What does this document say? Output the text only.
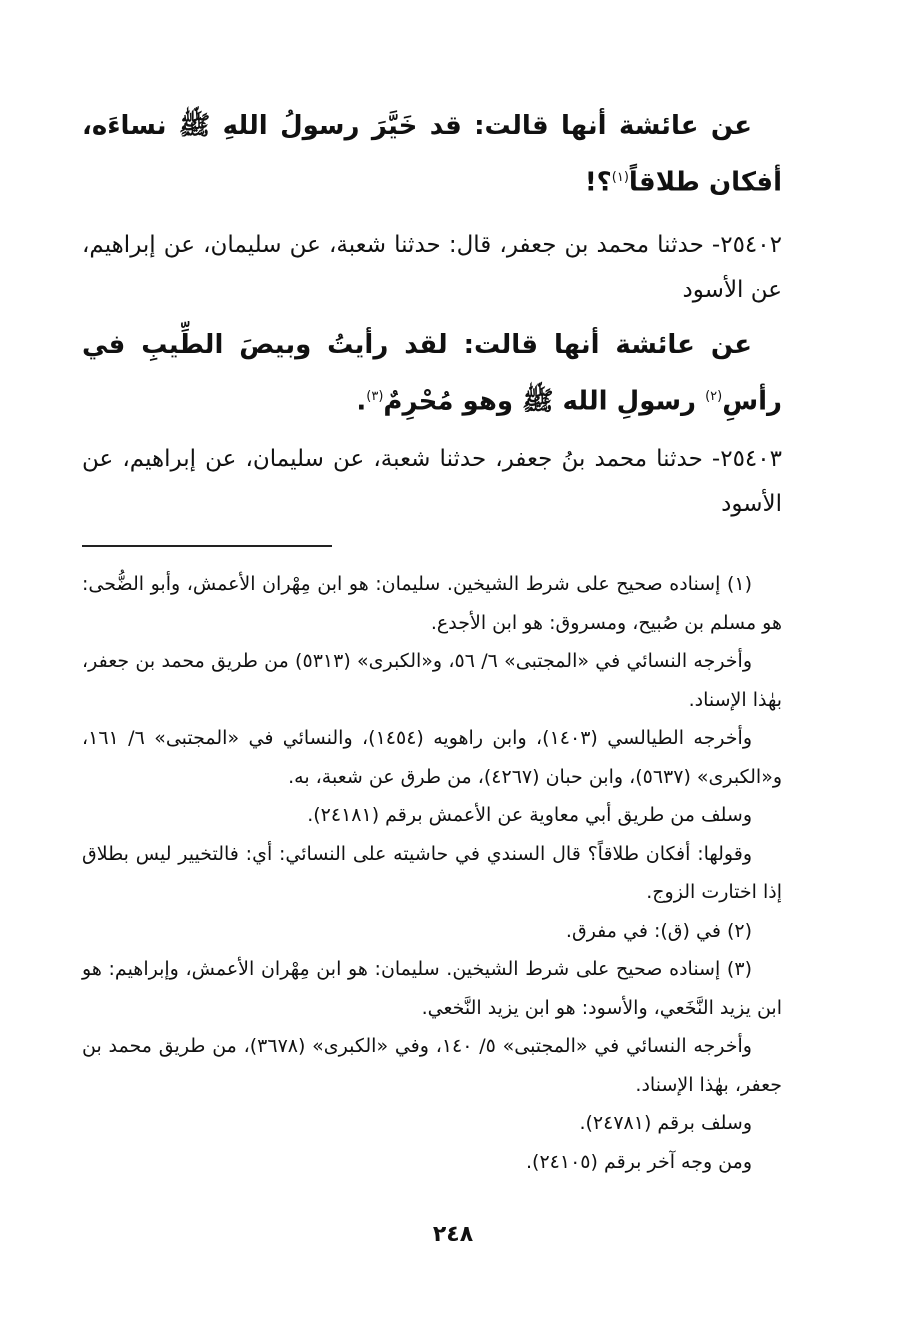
عن عائشة أنها قالت: قد خَيَّرَ رسولُ اللهِ ﷺ نساءَه، أفكان طلاقاً$^{(١)}$؟!

٢٥٤٠٢- حدثنا محمد بن جعفر، قال: حدثنا شعبة، عن سليمان، عن إبراهيم، عن الأسود

عن عائشة أنها قالت: لقد رأيتُ وبيصَ الطِّيبِ في رأسِ$^{(٢)}$ رسولِ الله ﷺ وهو مُحْرِمٌ$^{(٣)}$.

٢٥٤٠٣- حدثنا محمد بنُ جعفر، حدثنا شعبة، عن سليمان، عن إبراهيم، عن الأسود

(١) إسناده صحيح على شرط الشيخين. سليمان: هو ابن مِهْران الأعمش، وأبو الضُّحى: هو مسلم بن صُبيح، ومسروق: هو ابن الأجدع.

وأخرجه النسائي في «المجتبى» ٦/ ٥٦، و«الكبرى» (٥٣١٣) من طريق محمد بن جعفر، بهٰذا الإسناد.

وأخرجه الطيالسي (١٤٠٣)، وابن راهويه (١٤٥٤)، والنسائي في «المجتبى» ٦/ ١٦١، و«الكبرى» (٥٦٣٧)، وابن حبان (٤٢٦٧)، من طرق عن شعبة، به.

وسلف من طريق أبي معاوية عن الأعمش برقم (٢٤١٨١).

وقولها: أفكان طلاقاً؟ قال السندي في حاشيته على النسائي: أي: فالتخيير ليس بطلاق إذا اختارت الزوج.

(٢) في (ق): في مفرق.

(٣) إسناده صحيح على شرط الشيخين. سليمان: هو ابن مِهْران الأعمش، وإبراهيم: هو ابن يزيد النَّخَعي، والأسود: هو ابن يزيد النَّخعي.

وأخرجه النسائي في «المجتبى» ٥/ ١٤٠، وفي «الكبرى» (٣٦٧٨)، من طريق محمد بن جعفر، بهٰذا الإسناد.

وسلف برقم (٢٤٧٨١).

ومن وجه آخر برقم (٢٤١٠٥).

٢٤٨
